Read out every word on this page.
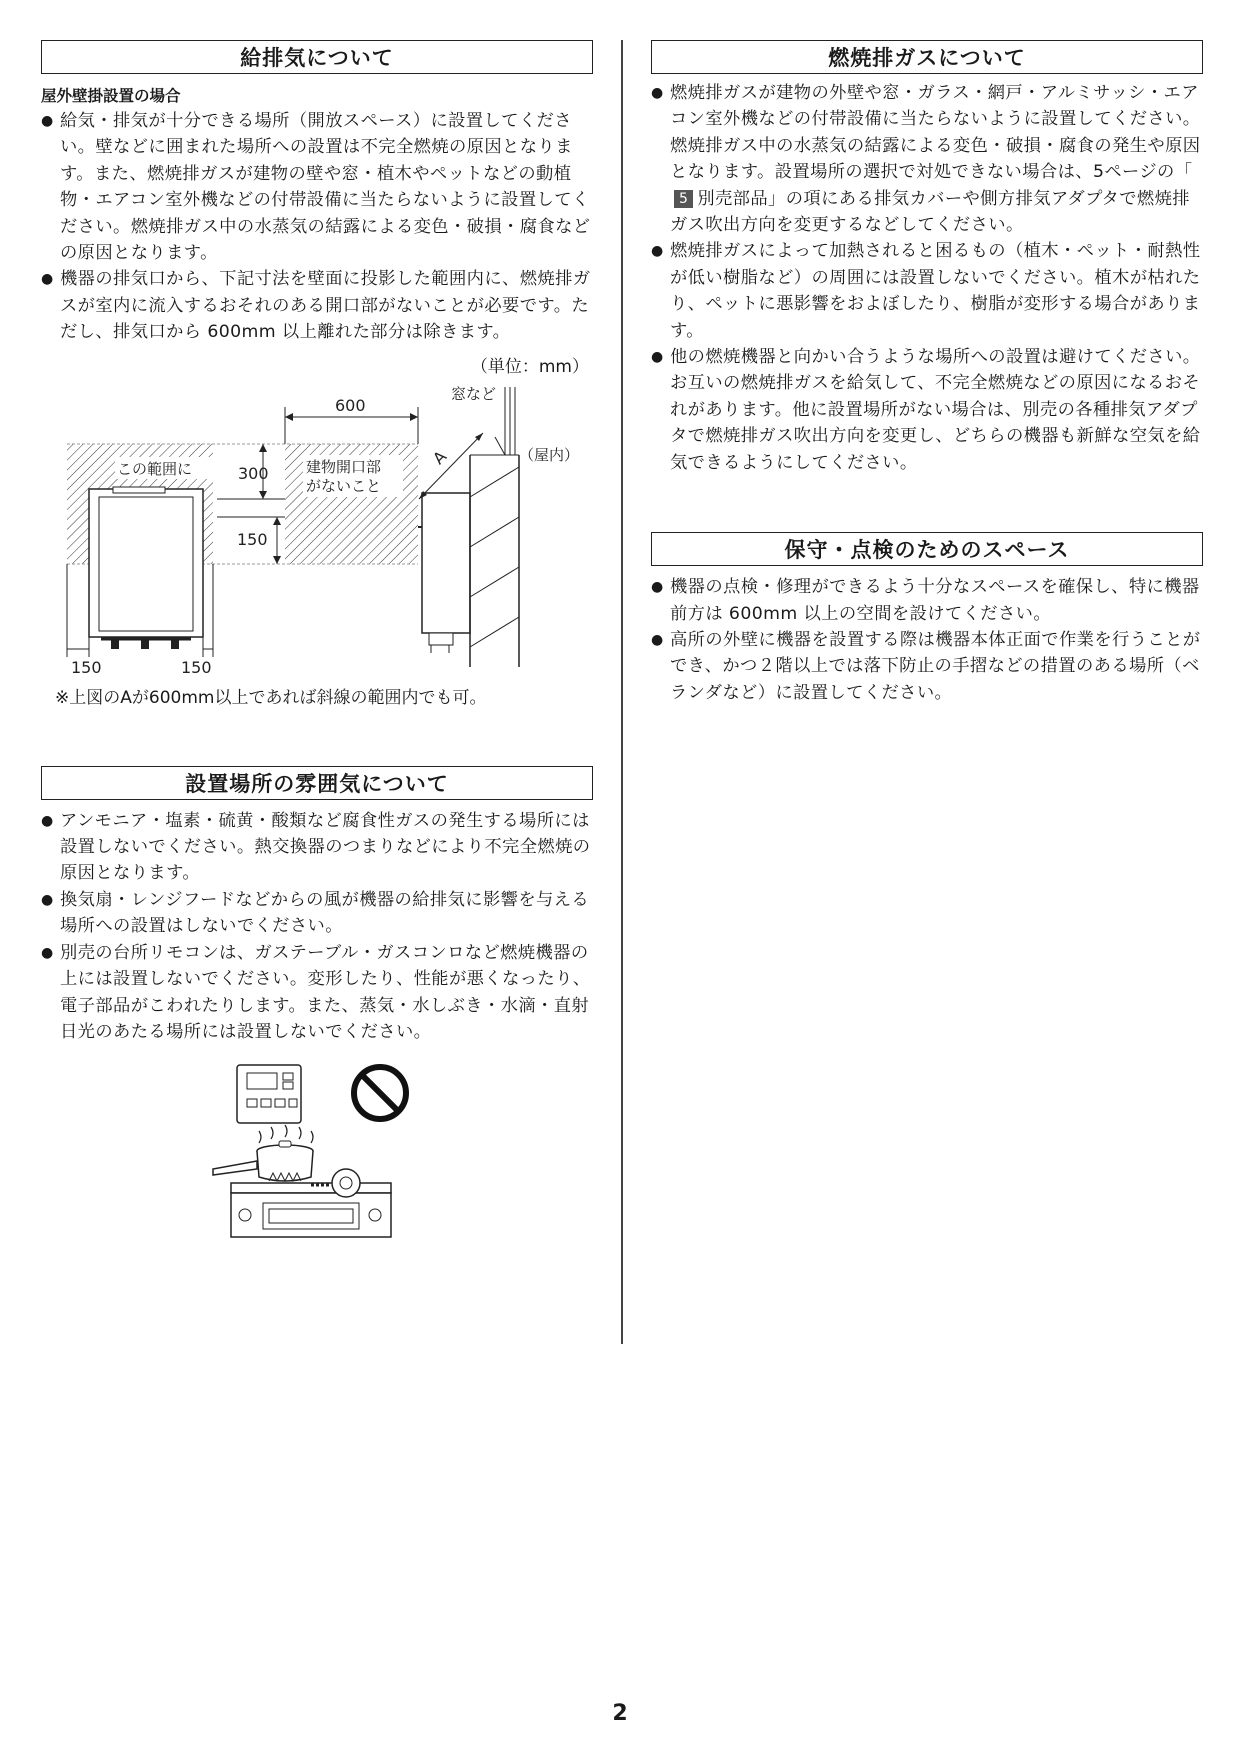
給排気について
屋外壁掛設置の場合
● 給気・排気が十分できる場所（開放スペース）に設置してください。壁などに囲まれた場所への設置は不完全燃焼の原因となります。また、燃焼排ガスが建物の壁や窓・植木やペットなどの動植物・エアコン室外機などの付帯設備に当たらないように設置してください。燃焼排ガス中の水蒸気の結露による変色・破損・腐食などの原因となります。
● 機器の排気口から、下記寸法を壁面に投影した範囲内に、燃焼排ガスが室内に流入するおそれのある開口部がないことが必要です。ただし、排気口から 600mm 以上離れた部分は除きます。
（単位：mm）
この範囲に	建物開口部
がないこと
窓など
（屋内）
A
600
300
150
150	150
※上図のAが600mm以上であれば斜線の範囲内でも可。
設置場所の雰囲気について
● アンモニア・塩素・硫黄・酸類など腐食性ガスの発生する場所には設置しないでください。熱交換器のつまりなどにより不完全燃焼の原因となります。
● 換気扇・レンジフードなどからの風が機器の給排気に影響を与える場所への設置はしないでください。
● 別売の台所リモコンは、ガステーブル・ガスコンロなど燃焼機器の上には設置しないでください。変形したり、性能が悪くなったり、電子部品がこわれたりします。また、蒸気・水しぶき・水滴・直射日光のあたる場所には設置しないでください。
燃焼排ガスについて
● 燃焼排ガスが建物の外壁や窓・ガラス・網戸・アルミサッシ・エアコン室外機などの付帯設備に当たらないように設置してください。燃焼排ガス中の水蒸気の結露による変色・破損・腐食の発生や原因となります。設置場所の選択で対処できない場合は、5ページの「5 別売部品」の項にある排気カバーや側方排気アダプタで燃焼排ガス吹出方向を変更するなどしてください。
● 燃焼排ガスによって加熱されると困るもの（植木・ペット・耐熱性が低い樹脂など）の周囲には設置しないでください。植木が枯れたり、ペットに悪影響をおよぼしたり、樹脂が変形する場合があります。
● 他の燃焼機器と向かい合うような場所への設置は避けてください。お互いの燃焼排ガスを給気して、不完全燃焼などの原因になるおそれがあります。他に設置場所がない場合は、別売の各種排気アダプタで燃焼排ガス吹出方向を変更し、どちらの機器も新鮮な空気を給気できるようにしてください。
保守・点検のためのスペース
● 機器の点検・修理ができるよう十分なスペースを確保し、特に機器前方は 600mm 以上の空間を設けてください。
● 高所の外壁に機器を設置する際は機器本体正面で作業を行うことができ、かつ２階以上では落下防止の手摺などの措置のある場所（ベランダなど）に設置してください。
2
